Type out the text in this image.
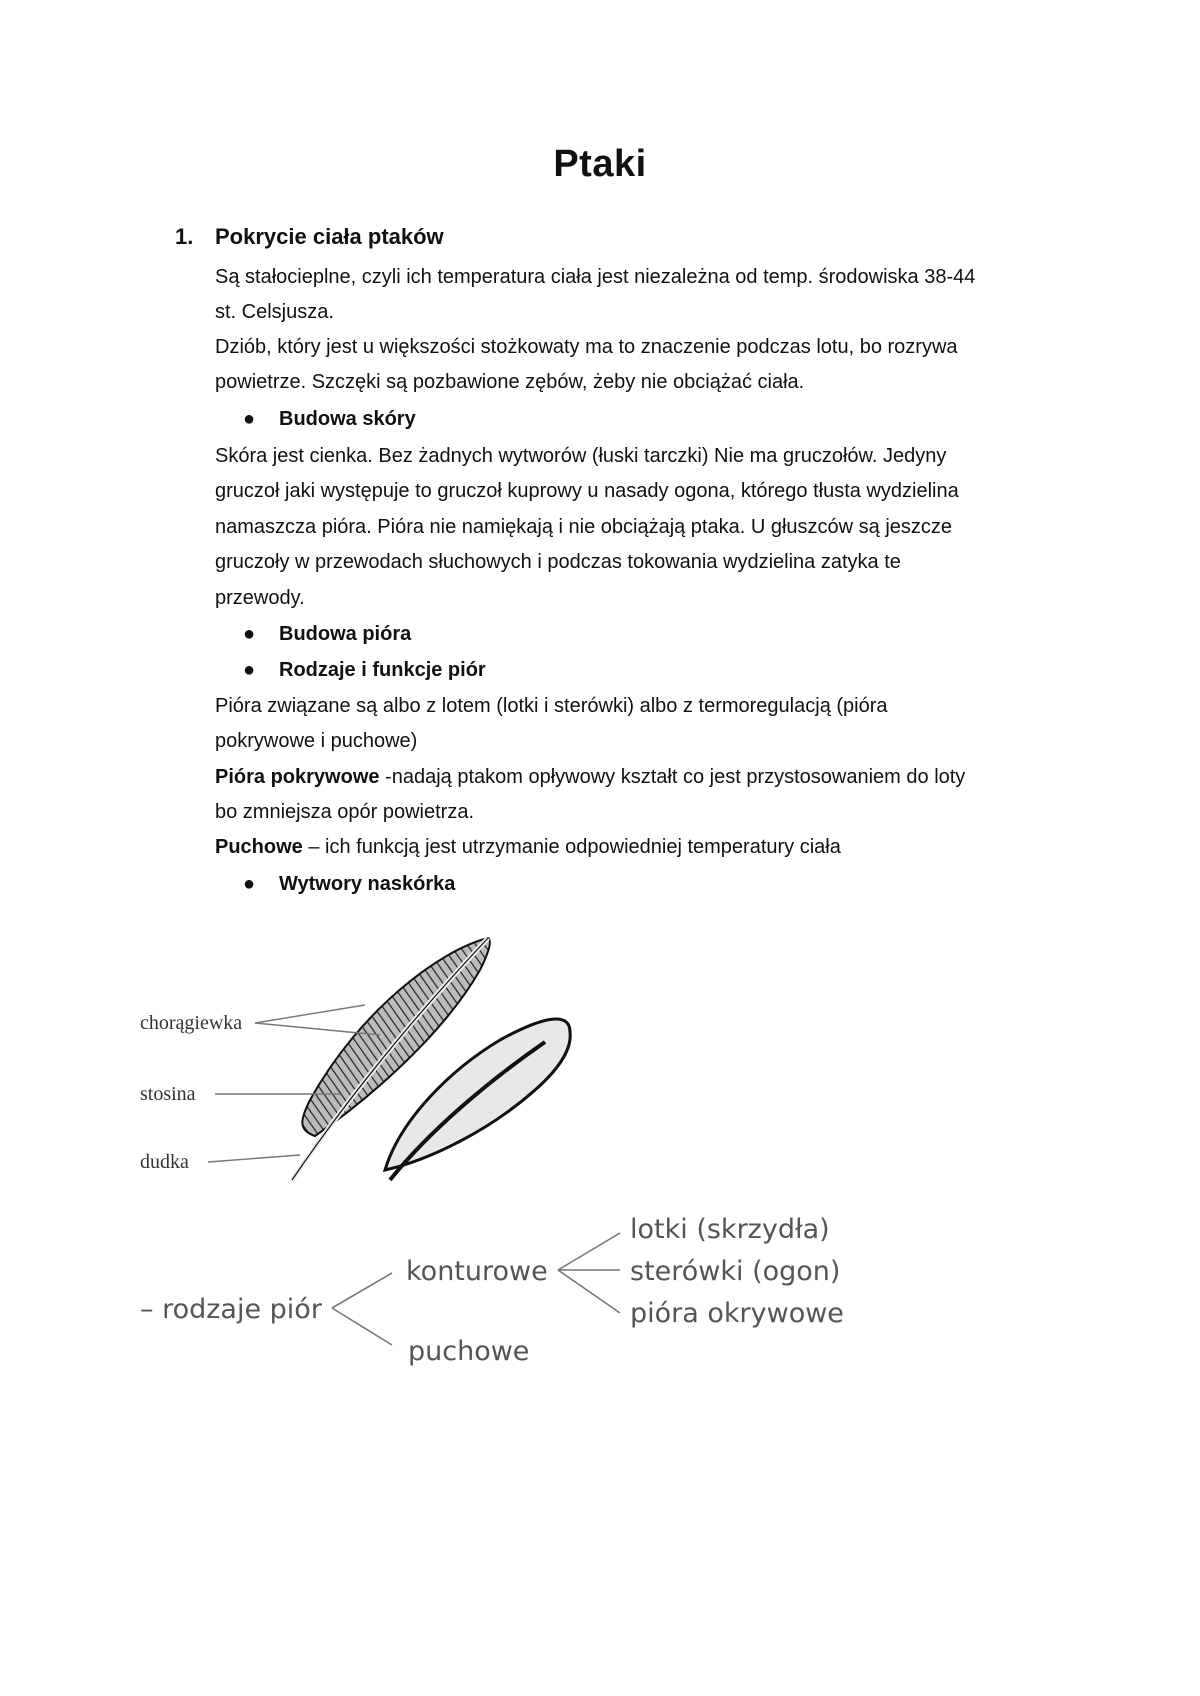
Ptaki
1. Pokrycie ciała ptaków
Są stałocieplne, czyli ich temperatura ciała jest niezależna od temp. środowiska 38-44
st. Celsjusza.
Dziób, który jest u większości stożkowaty ma to znaczenie podczas lotu, bo rozrywa
powietrze. Szczęki są pozbawione zębów, żeby nie obciążać ciała.
● Budowa skóry
Skóra jest cienka. Bez żadnych wytworów (łuski tarczki) Nie ma gruczołów. Jedyny
gruczoł jaki występuje to gruczoł kuprowy u nasady ogona, którego tłusta wydzielina
namaszcza pióra. Pióra nie namiękają i nie obciążają ptaka. U głuszców są jeszcze
gruczoły w przewodach słuchowych i podczas tokowania wydzielina zatyka te
przewody.
● Budowa pióra
● Rodzaje i funkcje piór
Pióra związane są albo z lotem (lotki i sterówki) albo z termoregulacją (pióra
pokrywowe i puchowe)
Pióra pokrywowe -nadają ptakom opływowy kształt co jest przystosowaniem do loty
bo zmniejsza opór powietrza.
Puchowe – ich funkcją jest utrzymanie odpowiedniej temperatury ciała
● Wytwory naskórka
chorągiewka
stosina
dudka
– rodzaje piór
konturowe
puchowe
lotki (skrzydła)
sterówki (ogon)
pióra okrywowe
